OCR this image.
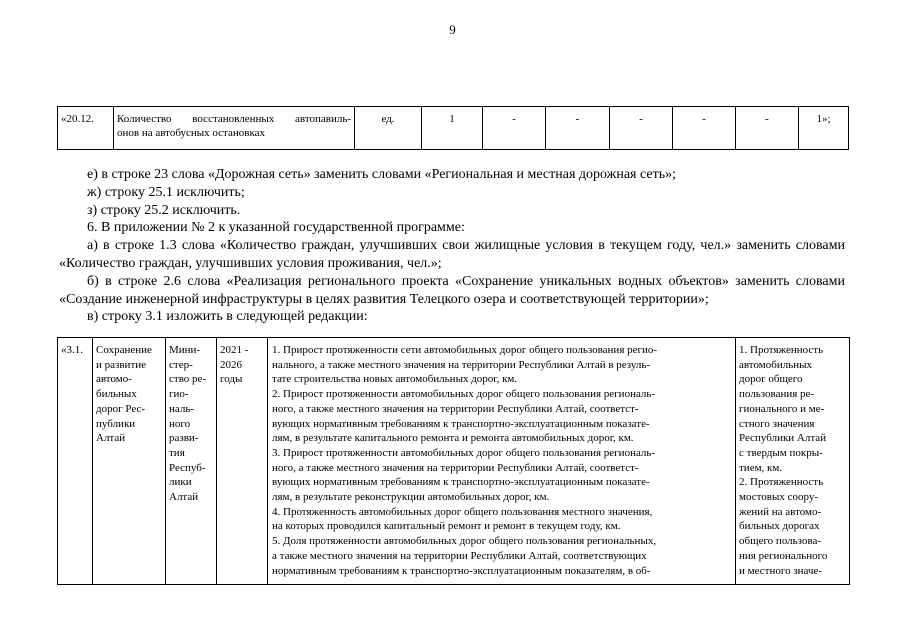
9
«20.12.	Количество восстановленных автопавиль-
онов на автобусных остановках
	ед.	1	-	-	-	-	-	1»;

е) в строке 23 слова «Дорожная сеть» заменить словами «Региональная и местная дорожная сеть»;

ж) строку 25.1 исключить;

з) строку 25.2 исключить.

6. В приложении № 2 к указанной государственной программе:

а) в строке 1.3 слова «Количество граждан, улучшивших свои жилищные условия в текущем году, чел.» заменить словами «Количество граждан, улучшивших условия проживания, чел.»;

б) в строке 2.6 слова «Реализация регионального проекта «Сохранение уникальных водных объектов» заменить словами «Создание инженерной инфраструктуры в целях развития Телецкого озера и соответствующей территории»;

в) строку 3.1 изложить в следующей редакции:

«3.1.	Сохранение
и развитие
автомо-
бильных
дорог Рес-
публики
Алтай

Мини-
стер-
ство ре-
гио-
наль-
ного
разви-
тия
Респуб-
лики
Алтай

2021 -
2026
годы

1. Прирост протяженности сети автомобильных дорог общего пользования регио-
нального, а также местного значения на территории Республики Алтай в резуль-
тате строительства новых автомобильных дорог, км.
2. Прирост протяженности автомобильных дорог общего пользования региональ-
ного, а также местного значения на территории Республики Алтай, соответст-
вующих нормативным требованиям к транспортно-эксплуатационным показате-
лям, в результате капитального ремонта и ремонта автомобильных дорог, км.
3. Прирост протяженности автомобильных дорог общего пользования региональ-
ного, а также местного значения на территории Республики Алтай, соответст-
вующих нормативным требованиям к транспортно-эксплуатационным показате-
лям, в результате реконструкции автомобильных дорог, км.
4. Протяженность автомобильных дорог общего пользования местного значения,
на которых проводился капитальный ремонт и ремонт в текущем году, км.
5. Доля протяженности автомобильных дорог общего пользования региональных,
а также местного значения на территории Республики Алтай, соответствующих
нормативным требованиям к транспортно-эксплуатационным показателям, в об-

1. Протяженность
автомобильных
дорог общего
пользования ре-
гионального и ме-
стного значения
Республики Алтай
с твердым покры-
тием, км.
2. Протяженность
мостовых соору-
жений на автомо-
бильных дорогах
общего пользова-
ния регионального
и местного значе-
